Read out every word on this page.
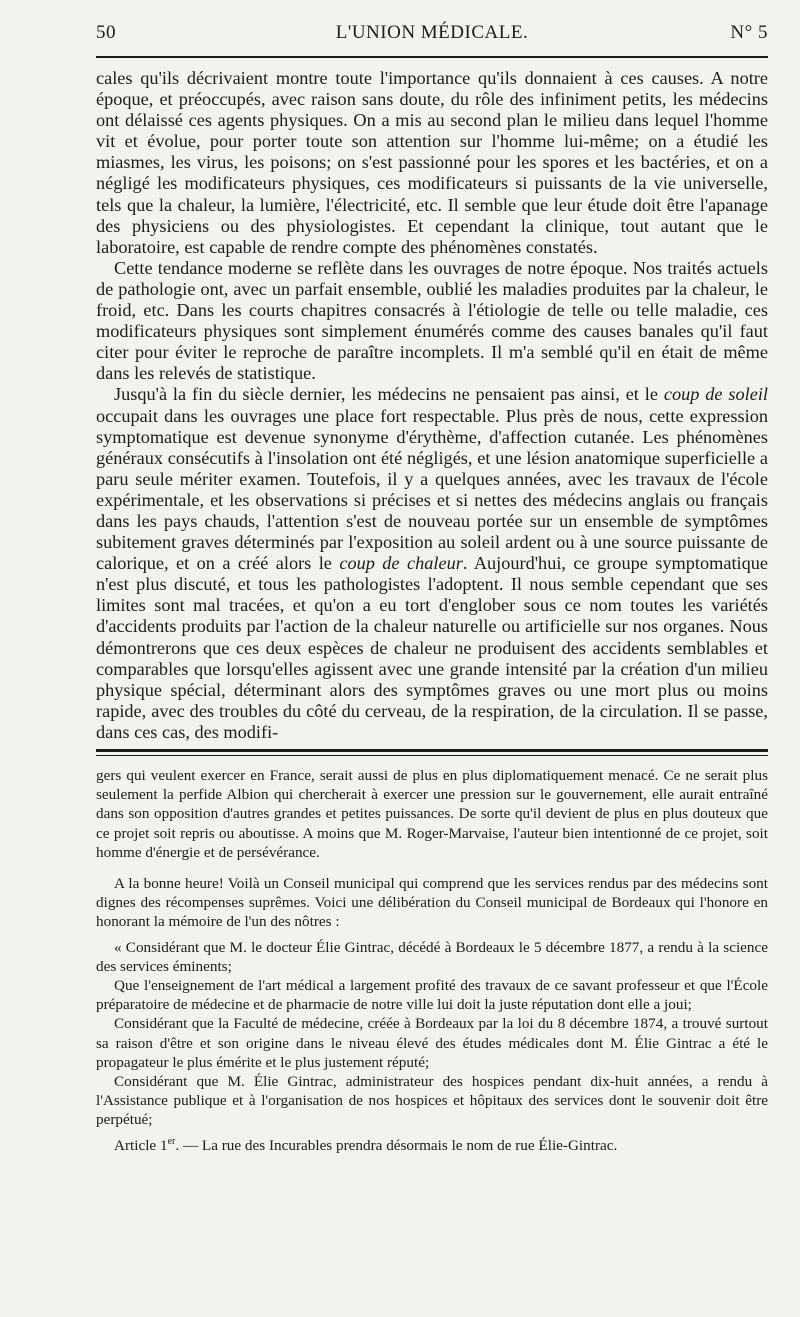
50	L'UNION MÉDICALE.	N° 5

cales qu'ils décrivaient montre toute l'importance qu'ils donnaient à ces causes. A notre époque, et préoccupés, avec raison sans doute, du rôle des infiniment petits, les médecins ont délaissé ces agents physiques. On a mis au second plan le milieu dans lequel l'homme vit et évolue, pour porter toute son attention sur l'homme lui-même; on a étudié les miasmes, les virus, les poisons; on s'est passionné pour les spores et les bactéries, et on a négligé les modificateurs physiques, ces modificateurs si puissants de la vie universelle, tels que la chaleur, la lumière, l'électricité, etc. Il semble que leur étude doit être l'apanage des physiciens ou des physiologistes. Et cependant la clinique, tout autant que le laboratoire, est capable de rendre compte des phénomènes constatés.

Cette tendance moderne se reflète dans les ouvrages de notre époque. Nos traités actuels de pathologie ont, avec un parfait ensemble, oublié les maladies produites par la chaleur, le froid, etc. Dans les courts chapitres consacrés à l'étiologie de telle ou telle maladie, ces modificateurs physiques sont simplement énumérés comme des causes banales qu'il faut citer pour éviter le reproche de paraître incomplets. Il m'a semblé qu'il en était de même dans les relevés de statistique.

Jusqu'à la fin du siècle dernier, les médecins ne pensaient pas ainsi, et le coup de soleil occupait dans les ouvrages une place fort respectable. Plus près de nous, cette expression symptomatique est devenue synonyme d'érythème, d'affection cutanée. Les phénomènes généraux consécutifs à l'insolation ont été négligés, et une lésion anatomique superficielle a paru seule mériter examen. Toutefois, il y a quelques années, avec les travaux de l'école expérimentale, et les observations si précises et si nettes des médecins anglais ou français dans les pays chauds, l'attention s'est de nouveau portée sur un ensemble de symptômes subitement graves déterminés par l'exposition au soleil ardent ou à une source puissante de calorique, et on a créé alors le coup de chaleur. Aujourd'hui, ce groupe symptomatique n'est plus discuté, et tous les pathologistes l'adoptent. Il nous semble cependant que ses limites sont mal tracées, et qu'on a eu tort d'englober sous ce nom toutes les variétés d'accidents produits par l'action de la chaleur naturelle ou artificielle sur nos organes. Nous démontrerons que ces deux espèces de chaleur ne produisent des accidents semblables et comparables que lorsqu'elles agissent avec une grande intensité par la création d'un milieu physique spécial, déterminant alors des symptômes graves ou une mort plus ou moins rapide, avec des troubles du côté du cerveau, de la respiration, de la circulation. Il se passe, dans ces cas, des modifi-

gers qui veulent exercer en France, serait aussi de plus en plus diplomatiquement menacé. Ce ne serait plus seulement la perfide Albion qui chercherait à exercer une pression sur le gouvernement, elle aurait entraîné dans son opposition d'autres grandes et petites puissances. De sorte qu'il devient de plus en plus douteux que ce projet soit repris ou aboutisse. A moins que M. Roger-Marvaise, l'auteur bien intentionné de ce projet, soit homme d'énergie et de persévérance.

A la bonne heure! Voilà un Conseil municipal qui comprend que les services rendus par des médecins sont dignes des récompenses suprêmes. Voici une délibération du Conseil municipal de Bordeaux qui l'honore en honorant la mémoire de l'un des nôtres :

« Considérant que M. le docteur Élie Gintrac, décédé à Bordeaux le 5 décembre 1877, a rendu à la science des services éminents;

Que l'enseignement de l'art médical a largement profité des travaux de ce savant professeur et que l'École préparatoire de médecine et de pharmacie de notre ville lui doit la juste réputation dont elle a joui;

Considérant que la Faculté de médecine, créée à Bordeaux par la loi du 8 décembre 1874, a trouvé surtout sa raison d'être et son origine dans le niveau élevé des études médicales dont M. Élie Gintrac a été le propagateur le plus émérite et le plus justement réputé;

Considérant que M. Élie Gintrac, administrateur des hospices pendant dix-huit années, a rendu à l'Assistance publique et à l'organisation de nos hospices et hôpitaux des services dont le souvenir doit être perpétué;

Article 1er. — La rue des Incurables prendra désormais le nom de rue Élie-Gintrac.
